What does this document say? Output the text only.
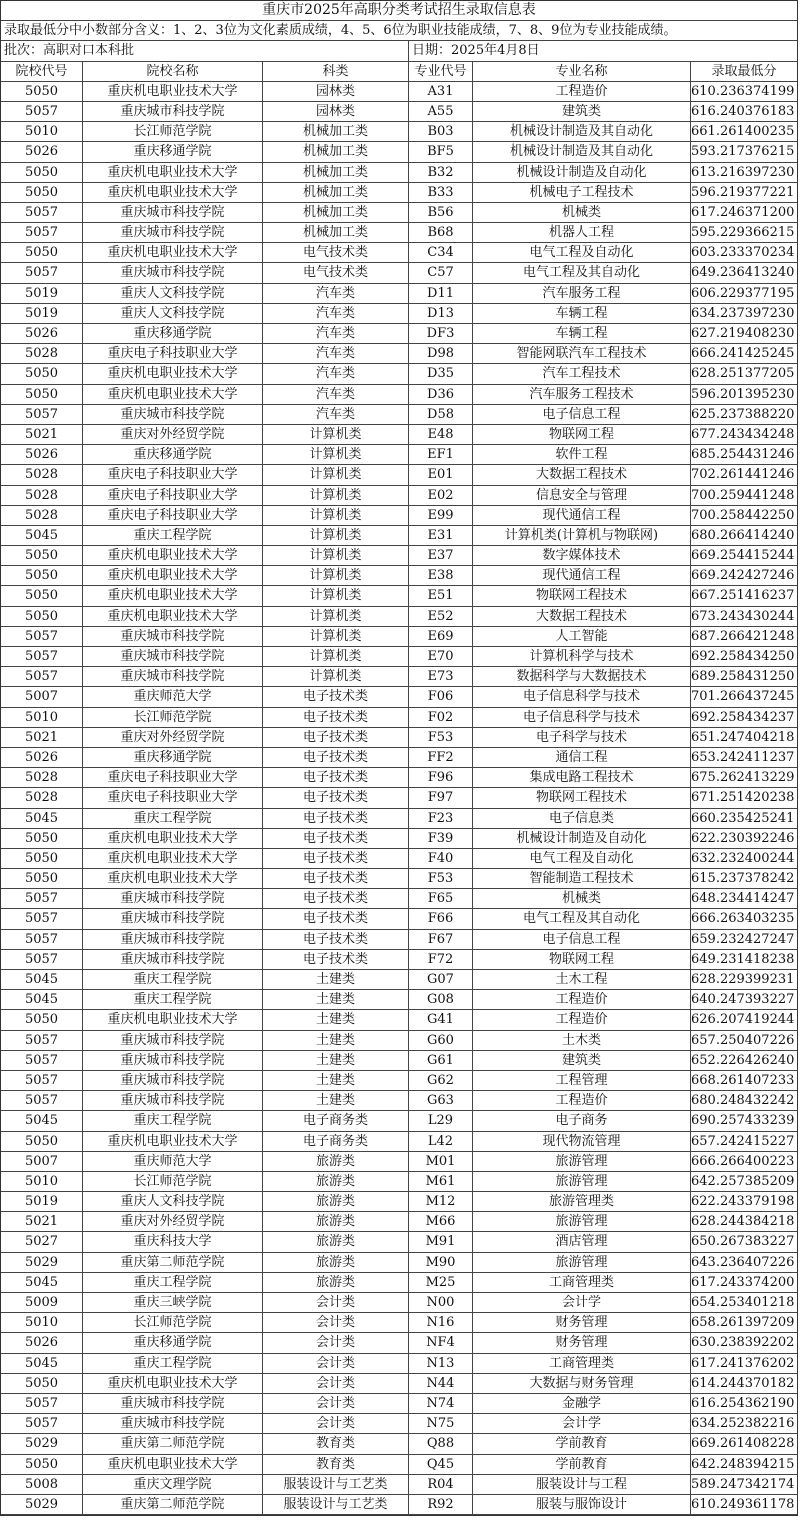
重庆市2025年高职分类考试招生录取信息表
录取最低分中小数部分含义：1、2、3位为文化素质成绩，4、5、6位为职业技能成绩，7、8、9位为专业技能成绩。
批次：高职对口本科批	日期：2025年4月8日
院校代号	院校名称	科类	专业代号	专业名称	录取最低分
5050	重庆机电职业技术大学	园林类	A31	工程造价	610.236374199
5057	重庆城市科技学院	园林类	A55	建筑类	616.240376183
5010	长江师范学院	机械加工类	B03	机械设计制造及其自动化	661.261400235
5026	重庆移通学院	机械加工类	BF5	机械设计制造及其自动化	593.217376215
5050	重庆机电职业技术大学	机械加工类	B32	机械设计制造及自动化	613.216397230
5050	重庆机电职业技术大学	机械加工类	B33	机械电子工程技术	596.219377221
5057	重庆城市科技学院	机械加工类	B56	机械类	617.246371200
5057	重庆城市科技学院	机械加工类	B68	机器人工程	595.229366215
5050	重庆机电职业技术大学	电气技术类	C34	电气工程及自动化	603.233370234
5057	重庆城市科技学院	电气技术类	C57	电气工程及其自动化	649.236413240
5019	重庆人文科技学院	汽车类	D11	汽车服务工程	606.229377195
5019	重庆人文科技学院	汽车类	D13	车辆工程	634.237397230
5026	重庆移通学院	汽车类	DF3	车辆工程	627.219408230
5028	重庆电子科技职业大学	汽车类	D98	智能网联汽车工程技术	666.241425245
5050	重庆机电职业技术大学	汽车类	D35	汽车工程技术	628.251377205
5050	重庆机电职业技术大学	汽车类	D36	汽车服务工程技术	596.201395230
5057	重庆城市科技学院	汽车类	D58	电子信息工程	625.237388220
5021	重庆对外经贸学院	计算机类	E48	物联网工程	677.243434248
5026	重庆移通学院	计算机类	EF1	软件工程	685.254431246
5028	重庆电子科技职业大学	计算机类	E01	大数据工程技术	702.261441246
5028	重庆电子科技职业大学	计算机类	E02	信息安全与管理	700.259441248
5028	重庆电子科技职业大学	计算机类	E99	现代通信工程	700.258442250
5045	重庆工程学院	计算机类	E31	计算机类(计算机与物联网)	680.266414240
5050	重庆机电职业技术大学	计算机类	E37	数字媒体技术	669.254415244
5050	重庆机电职业技术大学	计算机类	E38	现代通信工程	669.242427246
5050	重庆机电职业技术大学	计算机类	E51	物联网工程技术	667.251416237
5050	重庆机电职业技术大学	计算机类	E52	大数据工程技术	673.243430244
5057	重庆城市科技学院	计算机类	E69	人工智能	687.266421248
5057	重庆城市科技学院	计算机类	E70	计算机科学与技术	692.258434250
5057	重庆城市科技学院	计算机类	E73	数据科学与大数据技术	689.258431250
5007	重庆师范大学	电子技术类	F06	电子信息科学与技术	701.266437245
5010	长江师范学院	电子技术类	F02	电子信息科学与技术	692.258434237
5021	重庆对外经贸学院	电子技术类	F53	电子科学与技术	651.247404218
5026	重庆移通学院	电子技术类	FF2	通信工程	653.242411237
5028	重庆电子科技职业大学	电子技术类	F96	集成电路工程技术	675.262413229
5028	重庆电子科技职业大学	电子技术类	F97	物联网工程技术	671.251420238
5045	重庆工程学院	电子技术类	F23	电子信息类	660.235425241
5050	重庆机电职业技术大学	电子技术类	F39	机械设计制造及自动化	622.230392246
5050	重庆机电职业技术大学	电子技术类	F40	电气工程及自动化	632.232400244
5050	重庆机电职业技术大学	电子技术类	F53	智能制造工程技术	615.237378242
5057	重庆城市科技学院	电子技术类	F65	机械类	648.234414247
5057	重庆城市科技学院	电子技术类	F66	电气工程及其自动化	666.263403235
5057	重庆城市科技学院	电子技术类	F67	电子信息工程	659.232427247
5057	重庆城市科技学院	电子技术类	F72	物联网工程	649.231418238
5045	重庆工程学院	土建类	G07	土木工程	628.229399231
5045	重庆工程学院	土建类	G08	工程造价	640.247393227
5050	重庆机电职业技术大学	土建类	G41	工程造价	626.207419244
5057	重庆城市科技学院	土建类	G60	土木类	657.250407226
5057	重庆城市科技学院	土建类	G61	建筑类	652.226426240
5057	重庆城市科技学院	土建类	G62	工程管理	668.261407233
5057	重庆城市科技学院	土建类	G63	工程造价	680.248432242
5045	重庆工程学院	电子商务类	L29	电子商务	690.257433239
5050	重庆机电职业技术大学	电子商务类	L42	现代物流管理	657.242415227
5007	重庆师范大学	旅游类	M01	旅游管理	666.266400223
5010	长江师范学院	旅游类	M61	旅游管理	642.257385209
5019	重庆人文科技学院	旅游类	M12	旅游管理类	622.243379198
5021	重庆对外经贸学院	旅游类	M66	旅游管理	628.244384218
5027	重庆科技大学	旅游类	M91	酒店管理	650.267383227
5029	重庆第二师范学院	旅游类	M90	旅游管理	643.236407226
5045	重庆工程学院	旅游类	M25	工商管理类	617.243374200
5009	重庆三峡学院	会计类	N00	会计学	654.253401218
5010	长江师范学院	会计类	N16	财务管理	658.261397209
5026	重庆移通学院	会计类	NF4	财务管理	630.238392202
5045	重庆工程学院	会计类	N13	工商管理类	617.241376202
5050	重庆机电职业技术大学	会计类	N44	大数据与财务管理	614.244370182
5057	重庆城市科技学院	会计类	N74	金融学	616.254362190
5057	重庆城市科技学院	会计类	N75	会计学	634.252382216
5029	重庆第二师范学院	教育类	Q88	学前教育	669.261408228
5050	重庆机电职业技术大学	教育类	Q45	学前教育	642.248394215
5008	重庆文理学院	服装设计与工艺类	R04	服装设计与工程	589.247342174
5029	重庆第二师范学院	服装设计与工艺类	R92	服装与服饰设计	610.249361178
